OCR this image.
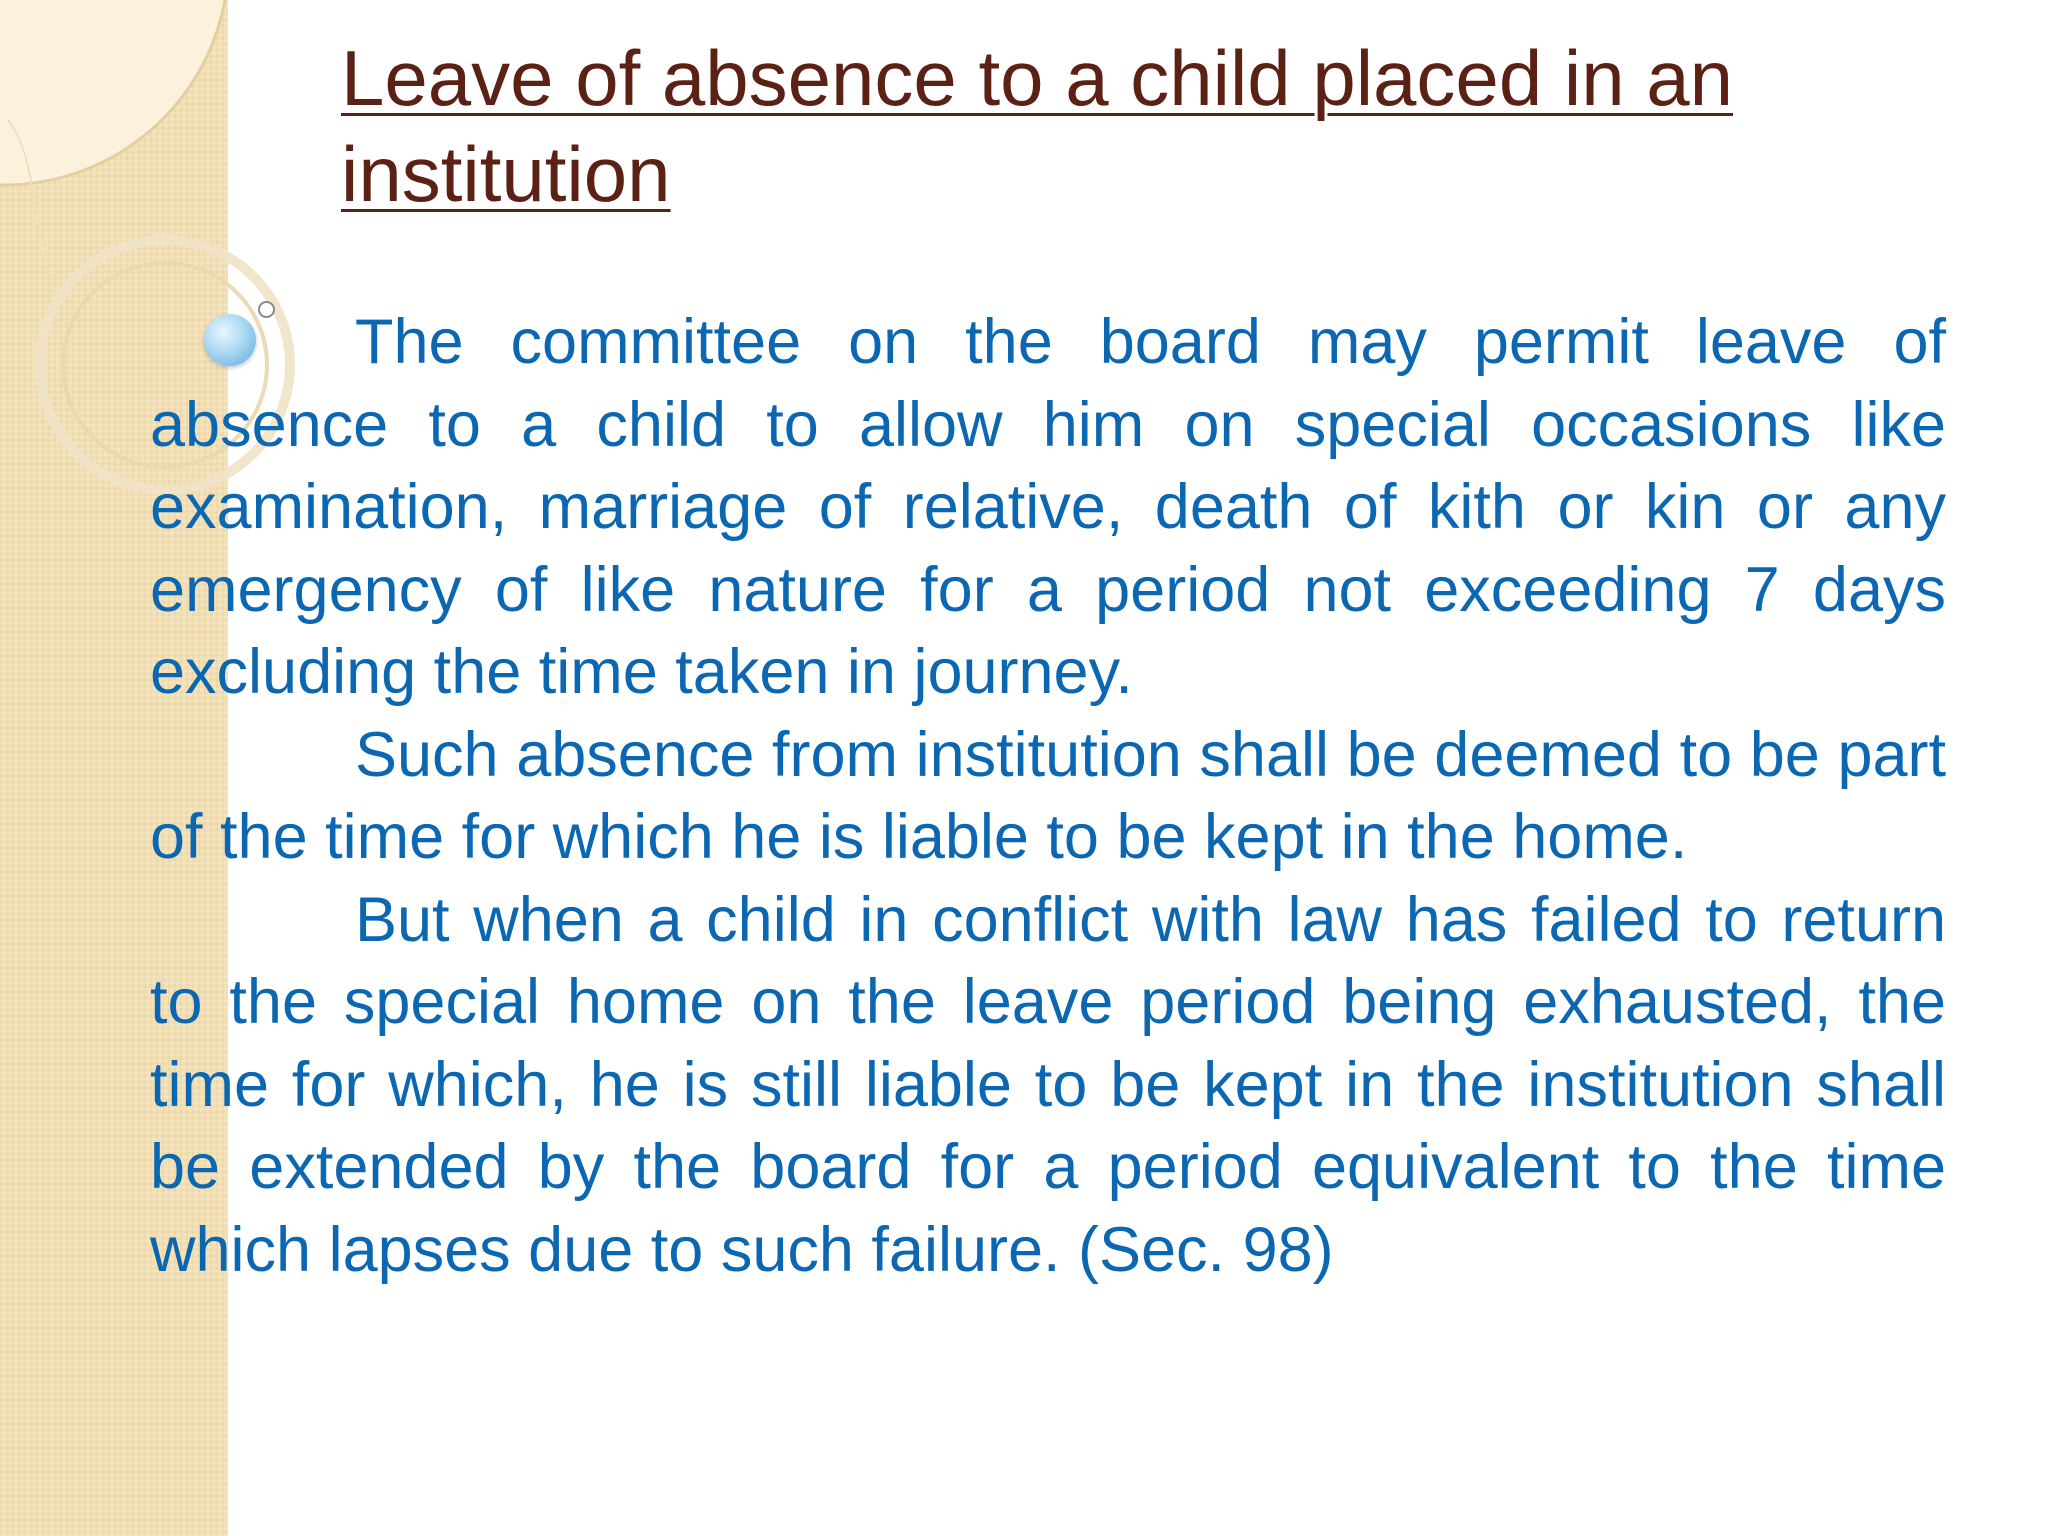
Leave of absence to a child placed in an institution

The committee on the board may permit leave of absence to a child to allow him on special occasions like examination, marriage of relative, death of kith or kin or any emergency of like nature for a period not exceeding 7 days excluding the time taken in journey.

Such absence from institution shall be deemed to be part of the time for which he is liable to be kept in the home.

But when a child in conflict with law has failed to return to the special home on the leave period being exhausted, the time for which, he is still liable to be kept in the institution shall be extended by the board for a period equivalent to the time which lapses due to such failure. (Sec. 98)
